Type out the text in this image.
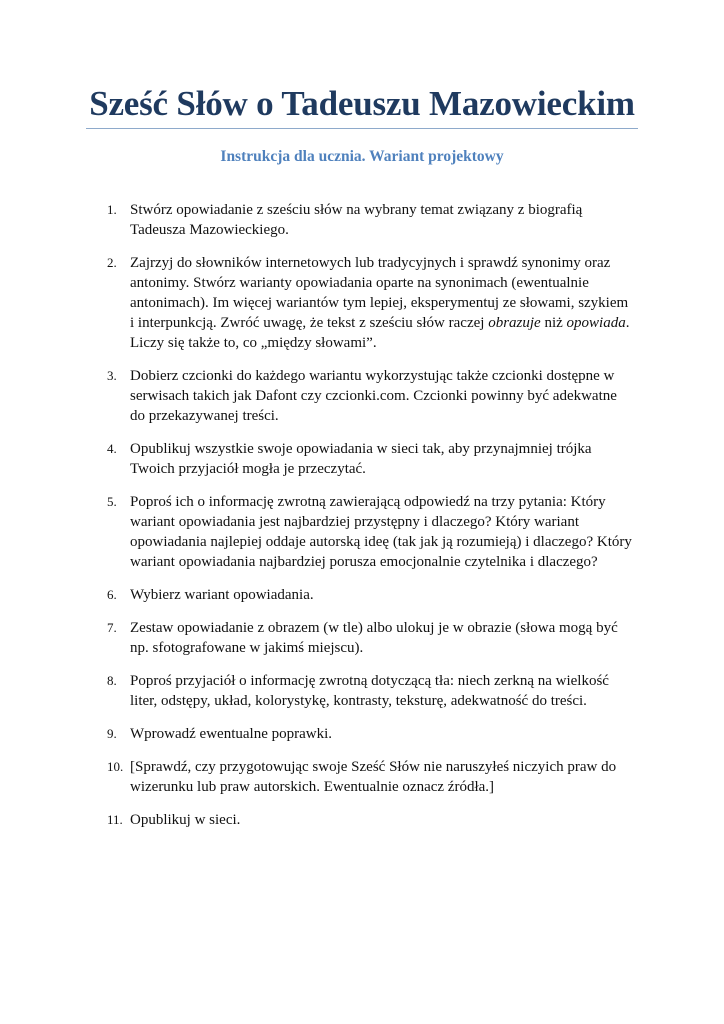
Sześć Słów o Tadeuszu Mazowieckim
Instrukcja dla ucznia. Wariant projektowy
1. Stwórz opowiadanie z sześciu słów na wybrany temat związany z biografią Tadeusza Mazowieckiego.
2. Zajrzyj do słowników internetowych lub tradycyjnych i sprawdź synonimy oraz antonimy. Stwórz warianty opowiadania oparte na synonimach (ewentualnie antonimach). Im więcej wariantów tym lepiej, eksperymentuj ze słowami, szykiem i interpunkcją. Zwróć uwagę, że tekst z sześciu słów raczej obrazuje niż opowiada. Liczy się także to, co „między słowami”.
3. Dobierz czcionki do każdego wariantu wykorzystując także czcionki dostępne w serwisach takich jak Dafont czy czcionki.com. Czcionki powinny być adekwatne do przekazywanej treści.
4. Opublikuj wszystkie swoje opowiadania w sieci tak, aby przynajmniej trójka Twoich przyjaciół mogła je przeczytać.
5. Poproś ich o informację zwrotną zawierającą odpowiedź na trzy pytania: Który wariant opowiadania jest najbardziej przystępny i dlaczego? Który wariant opowiadania najlepiej oddaje autorską ideę (tak jak ją rozumieją) i dlaczego? Który wariant opowiadania najbardziej porusza emocjonalnie czytelnika i dlaczego?
6. Wybierz wariant opowiadania.
7. Zestaw opowiadanie z obrazem (w tle) albo ulokuj je w obrazie (słowa mogą być np. sfotografowane w jakimś miejscu).
8. Poproś przyjaciół o informację zwrotną dotyczącą tła: niech zerkną na wielkość liter, odstępy, układ, kolorystykę, kontrasty, teksturę, adekwatność do treści.
9. Wprowadź ewentualne poprawki.
10. [Sprawdź, czy przygotowując swoje Sześć Słów nie naruszyłeś niczyich praw do wizerunku lub praw autorskich. Ewentualnie oznacz źródła.]
11. Opublikuj w sieci.
